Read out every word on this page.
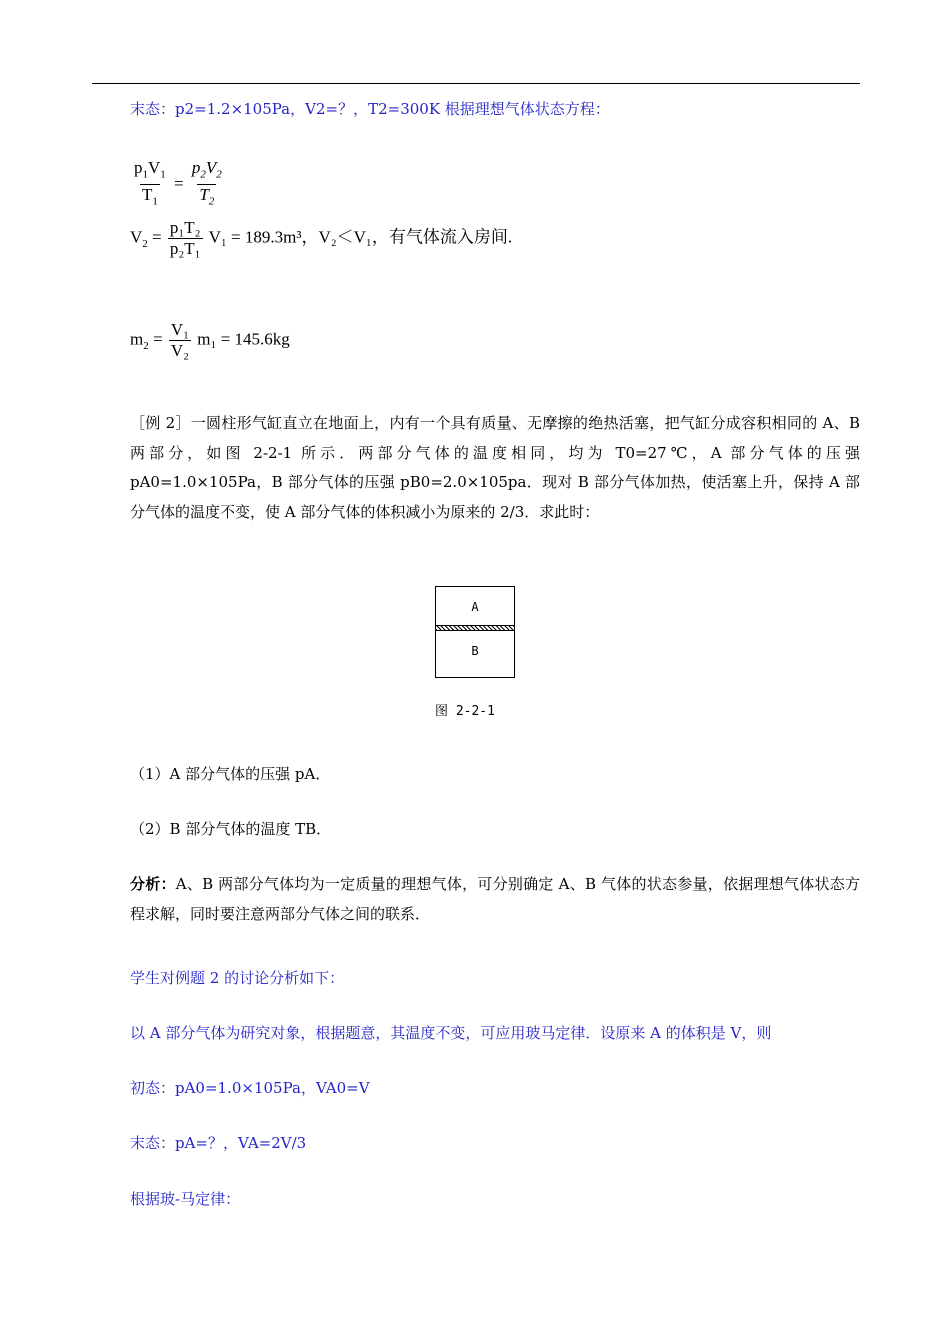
末态：p2=1.2×105Pa，V2=？，T2=300K 根据理想气体状态方程：
$\frac{p_1V_1}{T_1} = \frac{p_2V_2}{T_2}$
$V_2 = \frac{\text{p₁T₂}}{\text{p₂T₁}} V_1 = 189.3m^3$，V₂＜V₁，有气体流入房间.
$m_2 = \frac{\text{V₁}}{\text{V₂}} m_1 = 145.6kg$
［例 2］一圆柱形气缸直立在地面上，内有一个具有质量、无摩擦的绝热活塞，把气缸分成容积相同的 A、B 两部分，如图 2-2-1 所示．两部分气体的温度相同，均为 T0=27℃，A 部分气体的压强 pA0=1.0×105Pa，B 部分气体的压强 pB0=2.0×105pa．现对 B 部分气体加热，使活塞上升，保持 A 部分气体的温度不变，使 A 部分气体的体积减小为原来的 2/3．求此时：
A
B
图 2-2-1
（1）A 部分气体的压强 pA．
（2）B 部分气体的温度 TB．
分析：A、B 两部分气体均为一定质量的理想气体，可分别确定 A、B 气体的状态参量，依据理想气体状态方程求解，同时要注意两部分气体之间的联系．
学生对例题 2 的讨论分析如下：
以 A 部分气体为研究对象，根据题意，其温度不变，可应用玻马定律．设原来 A 的体积是 V，则
初态：pA0=1.0×105Pa，VA0=V
末态：pA=？，VA=2V/3
根据玻-马定律：
